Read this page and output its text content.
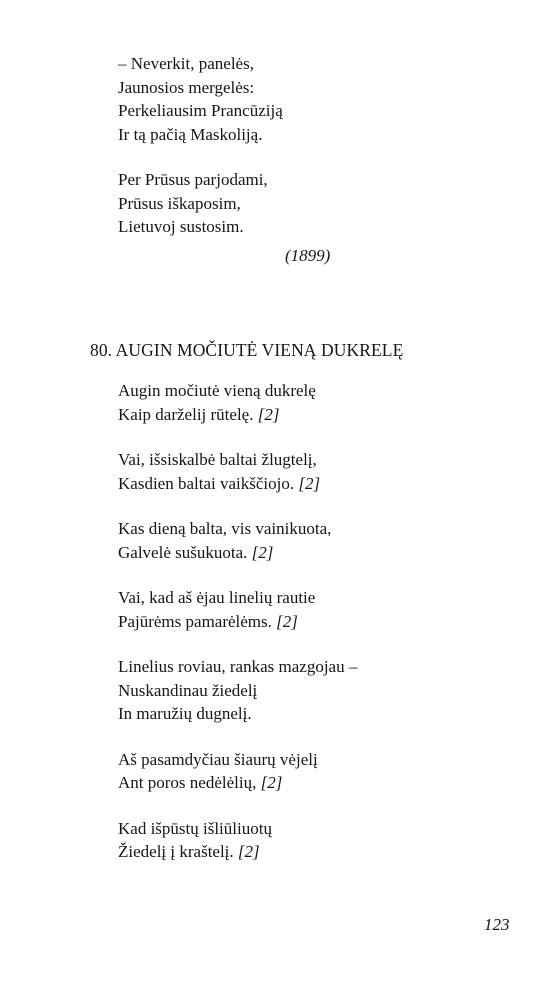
– Neverkit, panelės,
Jaunosios mergelės:
Perkeliausim Prancūziją
Ir tą pačią Maskoliją.
Per Prūsus parjodami,
Prūsus iškaposim,
Lietuvoj sustosim.
(1899)
80. AUGIN MOČIUTĖ VIENĄ DUKRELĘ
Augin močiutė vieną dukrelę
Kaip darželij rūtelę. [2]
Vai, išsiskalbė baltai žlugtelį,
Kasdien baltai vaikščiojo. [2]
Kas dieną balta, vis vainikuota,
Galvelė sušukuota. [2]
Vai, kad aš ėjau linelių rautie
Pajūrėms pamarėlėms. [2]
Linelius roviau, rankas mazgojau –
Nuskandinau žiedelį
In maružių dugnelį.
Aš pasamdyčiau šiaurų vėjelį
Ant poros nedėlėlių, [2]
Kad išpūstų išliūliuotų
Žiedelį į kraštelį. [2]
123
